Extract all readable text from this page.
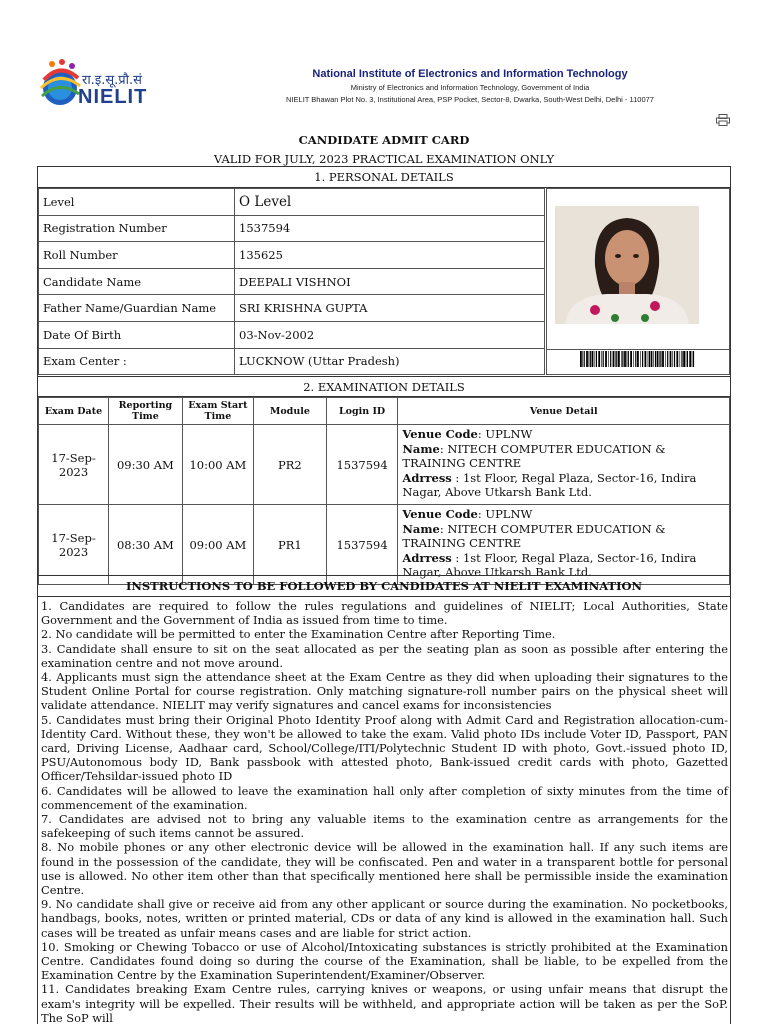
रा.इ.सू.प्रौ.सं
NIELIT
National Institute of Electronics and Information Technology
Ministry of Electronics and Information Technology, Government of India
NIELIT Bhawan Plot No. 3, Institutional Area, PSP Pocket, Sector-8, Dwarka, South-West Delhi, Delhi - 110077
CANDIDATE ADMIT CARD
VALID FOR JULY, 2023 PRACTICAL EXAMINATION ONLY
1. PERSONAL DETAILS
Level	O Level
Registration Number	1537594
Roll Number	135625
Candidate Name	DEEPALI VISHNOI
Father Name/Guardian Name	SRI KRISHNA GUPTA
Date Of Birth	03-Nov-2002
Exam Center :	LUCKNOW (Uttar Pradesh)
2. EXAMINATION DETAILS
Exam Date	Reporting Time	Exam Start Time	Module	Login ID	Venue Detail
17-Sep-2023	09:30 AM	10:00 AM	PR2	1537594	Venue Code: UPLNW
Name: NITECH COMPUTER EDUCATION & TRAINING CENTRE
Adrress : 1st Floor, Regal Plaza, Sector-16, Indira Nagar, Above Utkarsh Bank Ltd.

17-Sep-2023	08:30 AM	09:00 AM	PR1	1537594	Venue Code: UPLNW
Name: NITECH COMPUTER EDUCATION & TRAINING CENTRE
Adrress : 1st Floor, Regal Plaza, Sector-16, Indira Nagar, Above Utkarsh Bank Ltd.
INSTRUCTIONS TO BE FOLLOWED BY CANDIDATES AT NIELIT EXAMINATION

1. Candidates are required to follow the rules regulations and guidelines of NIELIT; Local Authorities, State Government and the Government of India as issued from time to time.

2. No candidate will be permitted to enter the Examination Centre after Reporting Time.

3. Candidate shall ensure to sit on the seat allocated as per the seating plan as soon as possible after entering the examination centre and not move around.

4. Applicants must sign the attendance sheet at the Exam Centre as they did when uploading their signatures to the Student Online Portal for course registration. Only matching signature-roll number pairs on the physical sheet will validate attendance. NIELIT may verify signatures and cancel exams for inconsistencies

5. Candidates must bring their Original Photo Identity Proof along with Admit Card and Registration allocation-cum-Identity Card. Without these, they won't be allowed to take the exam. Valid photo IDs include Voter ID, Passport, PAN card, Driving License, Aadhaar card, School/College/ITI/Polytechnic Student ID with photo, Govt.-issued photo ID, PSU/Autonomous body ID, Bank passbook with attested photo, Bank-issued credit cards with photo, Gazetted Officer/Tehsildar-issued photo ID

6. Candidates will be allowed to leave the examination hall only after completion of sixty minutes from the time of commencement of the examination.

7. Candidates are advised not to bring any valuable items to the examination centre as arrangements for the safekeeping of such items cannot be assured.

8. No mobile phones or any other electronic device will be allowed in the examination hall. If any such items are found in the possession of the candidate, they will be confiscated. Pen and water in a transparent bottle for personal use is allowed. No other item other than that specifically mentioned here shall be permissible inside the examination Centre.

9. No candidate shall give or receive aid from any other applicant or source during the examination. No pocketbooks, handbags, books, notes, written or printed material, CDs or data of any kind is allowed in the examination hall. Such cases will be treated as unfair means cases and are liable for strict action.

10. Smoking or Chewing Tobacco or use of Alcohol/Intoxicating substances is strictly prohibited at the Examination Centre. Candidates found doing so during the course of the Examination, shall be liable, to be expelled from the Examination Centre by the Examination Superintendent/Examiner/Observer.

11. Candidates breaking Exam Centre rules, carrying knives or weapons, or using unfair means that disrupt the exam's integrity will be expelled. Their results will be withheld, and appropriate action will be taken as per the SoP. The SoP will
